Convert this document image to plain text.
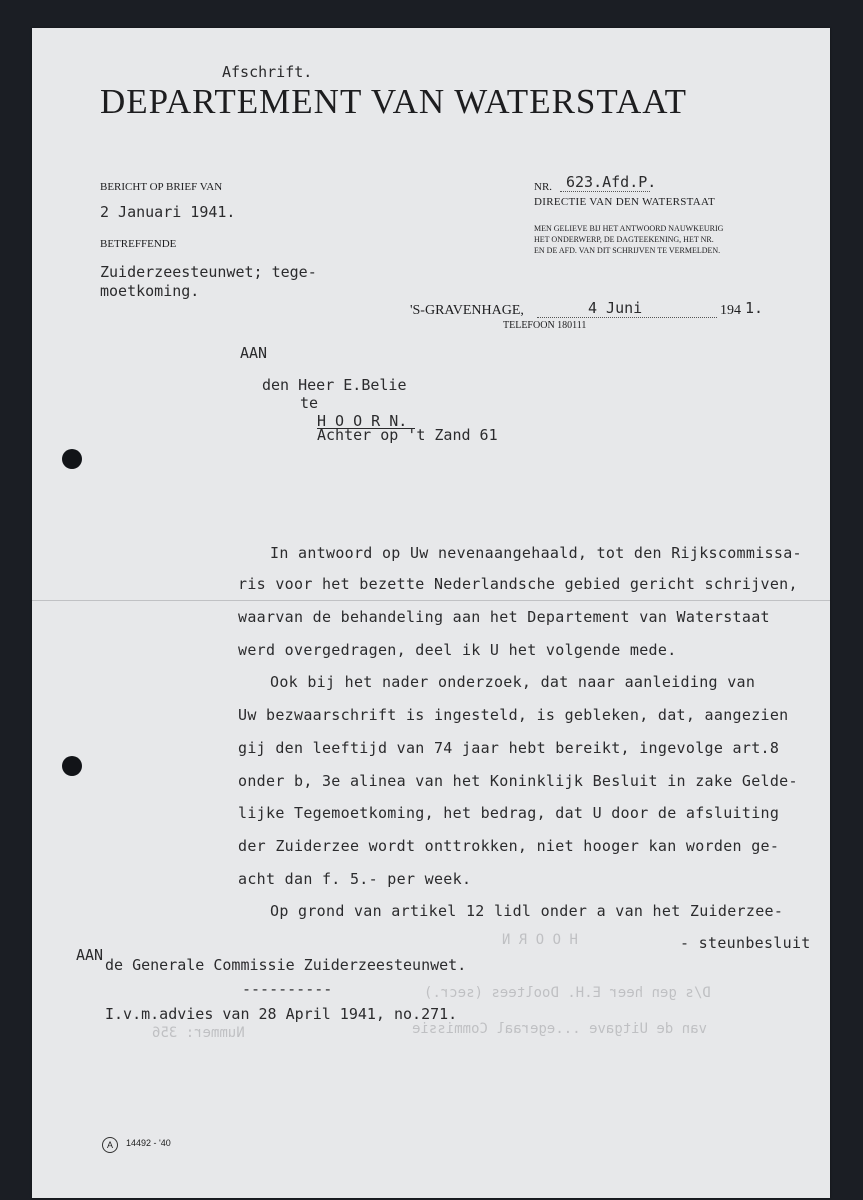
H O O R N
D/s gen heer E.H. Dooltees (secr.)
van de Uitgave ...egeraal Commissie
Nummer: 356
Afschrift.
DEPARTEMENT VAN WATERSTAAT
BERICHT OP BRIEF VAN
2 Januari 1941.
BETREFFENDE
Zuiderzeesteunwet; tege-
moetkoming.
NR. 623.Afd.P.
DIRECTIE VAN DEN WATERSTAAT
MEN GELIEVE BIJ HET ANTWOORD NAUWKEURIG
HET ONDERWERP, DE DAGTEEKENING, HET NR.
EN DE AFD. VAN DIT SCHRIJVEN TE VERMELDEN.
'S-GRAVENHAGE,	4 Juni	194 1.
TELEFOON 180111
AAN
den Heer E.Belie
te
H O O R N.
Achter op 't Zand 61
In antwoord op Uw nevenaangehaald, tot den Rijkscommissa-
ris voor het bezette Nederlandsche gebied gericht schrijven,
waarvan de behandeling aan het Departement van Waterstaat
werd overgedragen, deel ik U het volgende mede.
Ook bij het nader onderzoek, dat naar aanleiding van
Uw bezwaarschrift is ingesteld, is gebleken, dat, aangezien
gij den leeftijd van 74 jaar hebt bereikt, ingevolge art.8
onder b, 3e alinea van het Koninklijk Besluit in zake Gelde-
lijke Tegemoetkoming, het bedrag, dat U door de afsluiting
der Zuiderzee wordt onttrokken, niet hooger kan worden ge-
acht dan f. 5.- per week.
Op grond van artikel 12 lidl onder a van het Zuiderzee-
- steunbesluit
AAN
de Generale Commissie Zuiderzeesteunwet.
----------
I.v.m.advies van 28 April 1941, no.271.
A	14492 - '40
